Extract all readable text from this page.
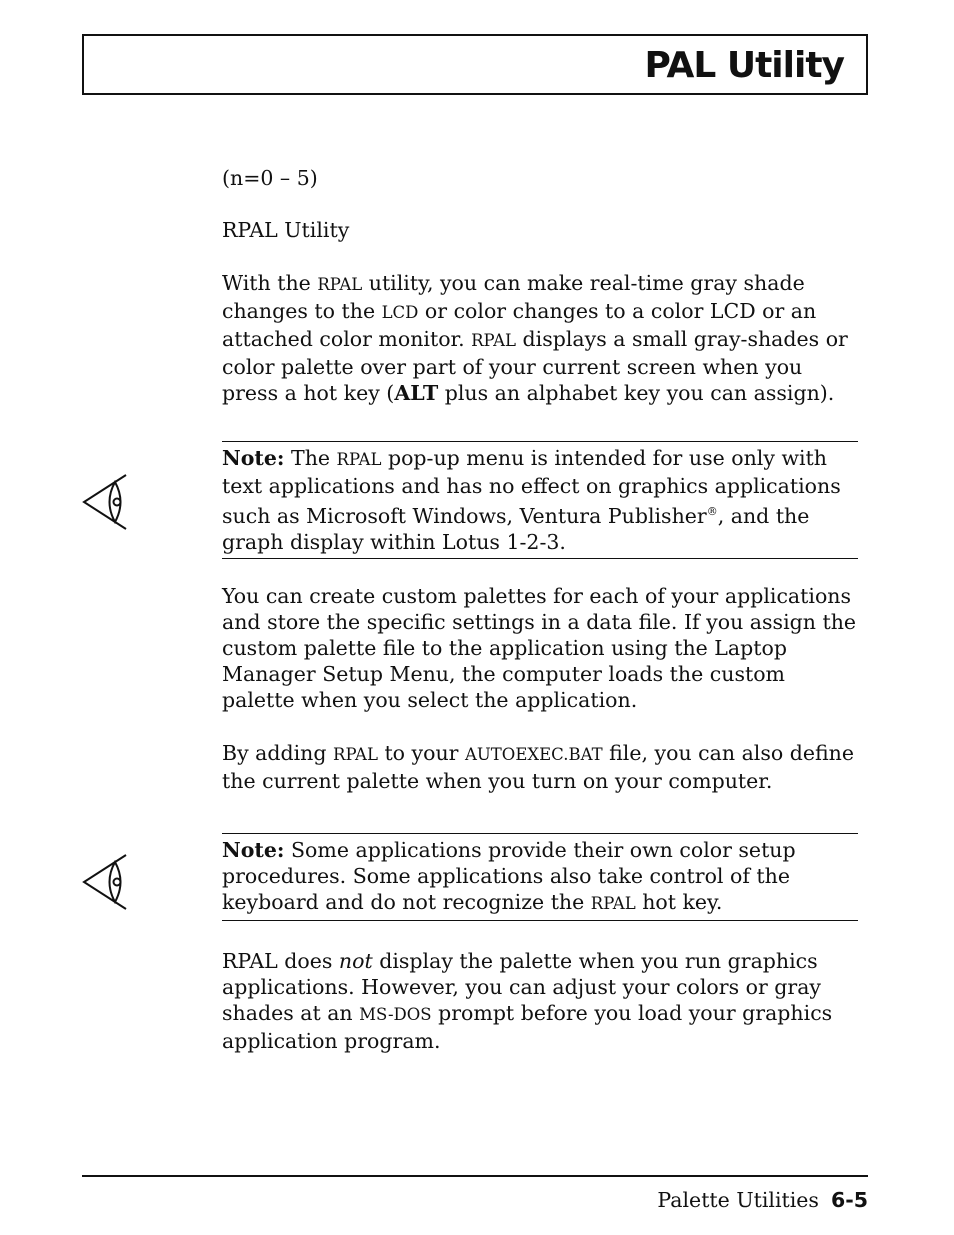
PAL Utility

(n=0 – 5)

RPAL Utility

With the RPAL utility, you can make real-time gray shade changes to the LCD or color changes to a color LCD or an attached color monitor. RPAL displays a small gray-shades or color palette over part of your current screen when you press a hot key (ALT plus an alphabet key you can assign).

Note: The RPAL pop-up menu is intended for use only with text applications and has no effect on graphics applications such as Microsoft Windows, Ventura Publisher®, and the graph display within Lotus 1-2-3.

You can create custom palettes for each of your applications and store the specific settings in a data file. If you assign the custom palette file to the application using the Laptop Manager Setup Menu, the computer loads the custom palette when you select the application.

By adding RPAL to your AUTOEXEC.BAT file, you can also define the current palette when you turn on your computer.

Note: Some applications provide their own color setup procedures. Some applications also take control of the keyboard and do not recognize the RPAL hot key.

RPAL does not display the palette when you run graphics applications. However, you can adjust your colors or gray shades at an MS-DOS prompt before you load your graphics application program.

Palette Utilities 6-5
